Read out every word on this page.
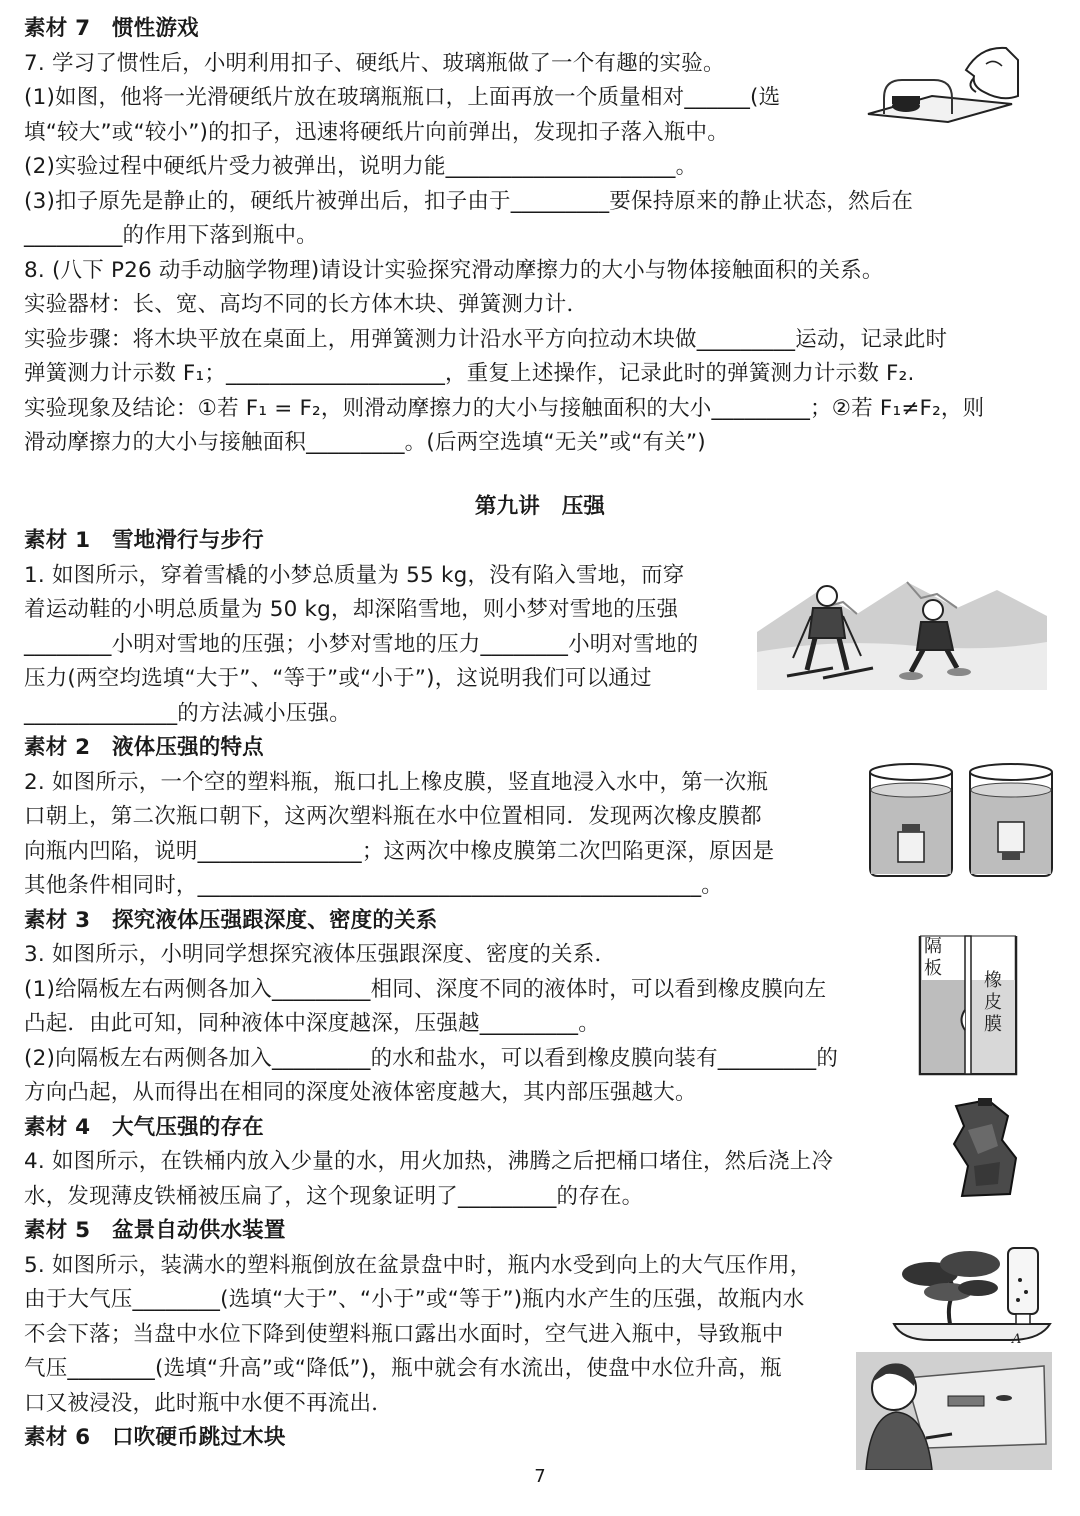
素材 7　惯性游戏
7. 学习了惯性后，小明利用扣子、硬纸片、玻璃瓶做了一个有趣的实验。
(1)如图，他将一光滑硬纸片放在玻璃瓶瓶口，上面再放一个质量相对______(选
填“较大”或“较小”)的扣子，迅速将硬纸片向前弹出，发现扣子落入瓶中。
(2)实验过程中硬纸片受力被弹出，说明力能_____________________。
(3)扣子原先是静止的，硬纸片被弹出后，扣子由于_________要保持原来的静止状态，然后在
_________的作用下落到瓶中。
8. (八下 P26 动手动脑学物理)请设计实验探究滑动摩擦力的大小与物体接触面积的关系。
实验器材：长、宽、高均不同的长方体木块、弹簧测力计．
实验步骤：将木块平放在桌面上，用弹簧测力计沿水平方向拉动木块做_________运动，记录此时
弹簧测力计示数 F₁；____________________，重复上述操作，记录此时的弹簧测力计示数 F₂.
实验现象及结论：①若 F₁ = F₂，则滑动摩擦力的大小与接触面积的大小_________；②若 F₁≠F₂，则
滑动摩擦力的大小与接触面积_________。(后两空选填“无关”或“有关”)
第九讲　压强
素材 1　雪地滑行与步行
1. 如图所示，穿着雪橇的小梦总质量为 55 kg，没有陷入雪地，而穿
着运动鞋的小明总质量为 50 kg，却深陷雪地，则小梦对雪地的压强
________小明对雪地的压强；小梦对雪地的压力________小明对雪地的
压力(两空均选填“大于”、“等于”或“小于”)，这说明我们可以通过
______________的方法减小压强。
素材 2　液体压强的特点
2. 如图所示，一个空的塑料瓶，瓶口扎上橡皮膜，竖直地浸入水中，第一次瓶
口朝上，第二次瓶口朝下，这两次塑料瓶在水中位置相同．发现两次橡皮膜都
向瓶内凹陷，说明_______________；这两次中橡皮膜第二次凹陷更深，原因是
其他条件相同时，______________________________________________。
素材 3　探究液体压强跟深度、密度的关系
3. 如图所示，小明同学想探究液体压强跟深度、密度的关系．
(1)给隔板左右两侧各加入_________相同、深度不同的液体时，可以看到橡皮膜向左
凸起．由此可知，同种液体中深度越深，压强越_________。
(2)向隔板左右两侧各加入_________的水和盐水，可以看到橡皮膜向装有_________的
方向凸起，从而得出在相同的深度处液体密度越大，其内部压强越大。
素材 4　大气压强的存在
4. 如图所示，在铁桶内放入少量的水，用火加热，沸腾之后把桶口堵住，然后浇上冷
水，发现薄皮铁桶被压扁了，这个现象证明了_________的存在。
素材 5　盆景自动供水装置
5. 如图所示，装满水的塑料瓶倒放在盆景盘中时，瓶内水受到向上的大气压作用，
由于大气压________(选填“大于”、“小于”或“等于”)瓶内水产生的压强，故瓶内水
不会下落；当盘中水位下降到使塑料瓶口露出水面时，空气进入瓶中，导致瓶中
气压________(选填“升高”或“降低”)，瓶中就会有水流出，使盘中水位升高，瓶
口又被浸没，此时瓶中水便不再流出．
素材 6　口吹硬币跳过木块
7
隔
板
橡
皮
膜
A
